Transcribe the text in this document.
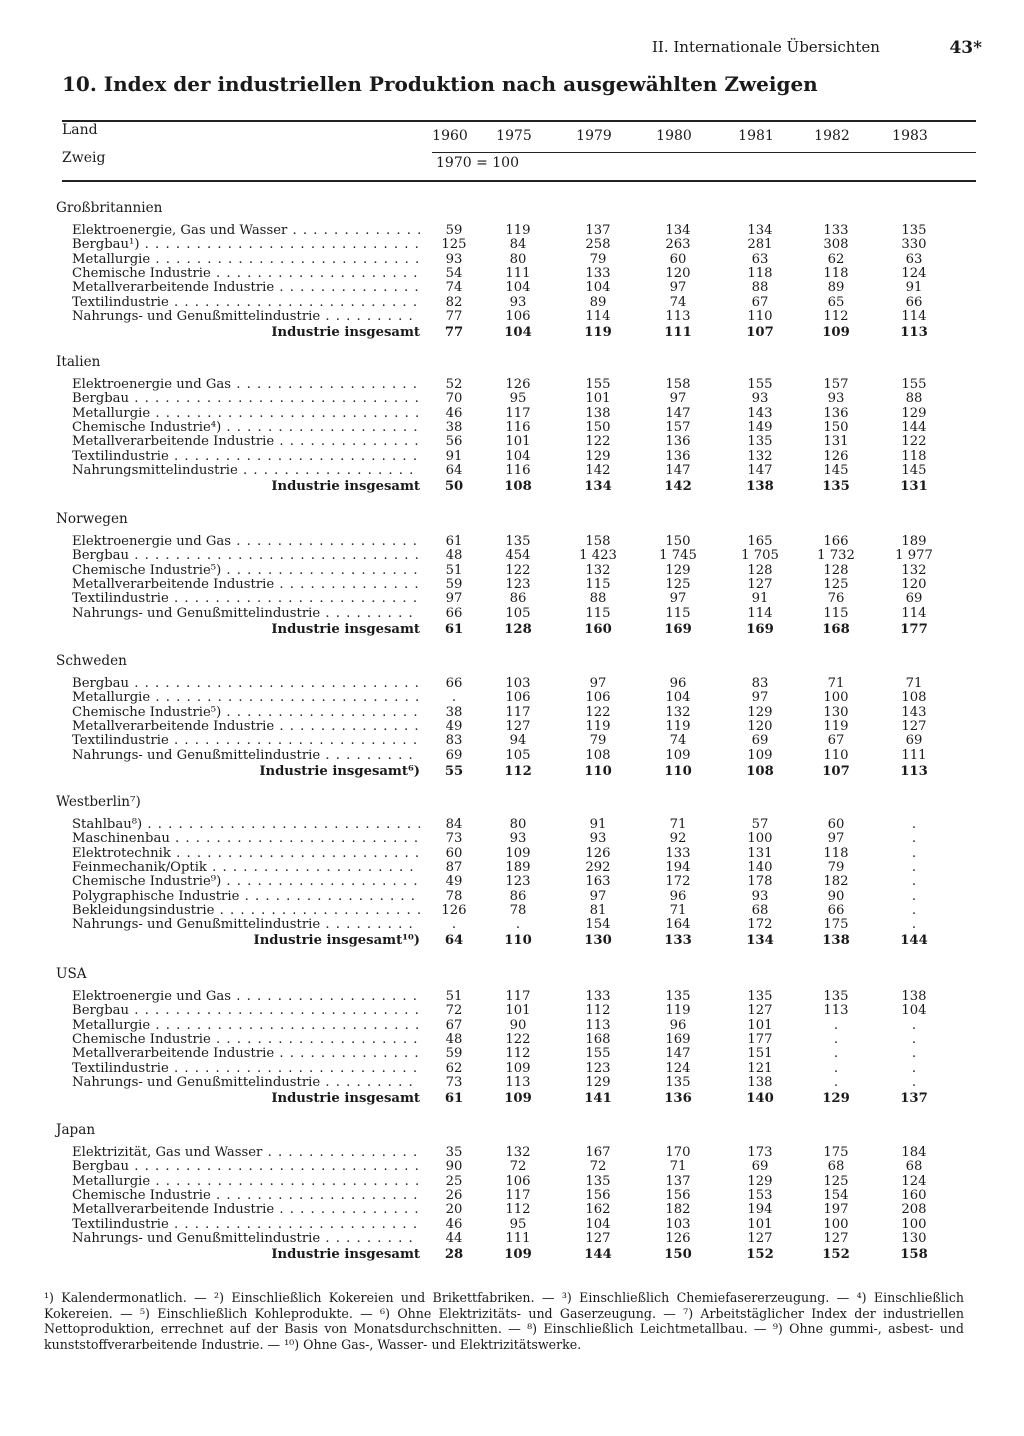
II. Internationale Übersichten	43*
10. Index der industriellen Produktion nach ausgewählten Zweigen
Land
Zweig
1960	1975	1979	1980	1981	1982	1983
1970 = 100
Großbritannien
Elektroenergie, Gas und Wasser . . .	59	119	137	134	134	133	135
Bergbau¹) . . .	125	84	258	263	281	308	330
Metallurgie . . .	93	80	79	60	63	62	63
Chemische Industrie . . .	54	111	133	120	118	118	124
Metallverarbeitende Industrie . . .	74	104	104	97	88	89	91
Textilindustrie . . .	82	93	89	74	67	65	66
Nahrungs- und Genußmittelindustrie . . .	77	106	114	113	110	112	114
Industrie insgesamt	77	104	119	111	107	109	113
Italien
Elektroenergie und Gas . . .	52	126	155	158	155	157	155
Bergbau . . .	70	95	101	97	93	93	88
Metallurgie . . .	46	117	138	147	143	136	129
Chemische Industrie⁴) . . .	38	116	150	157	149	150	144
Metallverarbeitende Industrie . . .	56	101	122	136	135	131	122
Textilindustrie . . .	91	104	129	136	132	126	118
Nahrungsmittelindustrie . . .	64	116	142	147	147	145	145
Industrie insgesamt	50	108	134	142	138	135	131
Norwegen
Elektroenergie und Gas . . .	61	135	158	150	165	166	189
Bergbau . . .	48	454	1 423	1 745	1 705	1 732	1 977
Chemische Industrie⁵) . . .	51	122	132	129	128	128	132
Metallverarbeitende Industrie . . .	59	123	115	125	127	125	120
Textilindustrie . . .	97	86	88	97	91	76	69
Nahrungs- und Genußmittelindustrie . . .	66	105	115	115	114	115	114
Industrie insgesamt	61	128	160	169	169	168	177
Schweden
Bergbau . . .	66	103	97	96	83	71	71
Metallurgie . . .	.	106	106	104	97	100	108
Chemische Industrie⁵) . . .	38	117	122	132	129	130	143
Metallverarbeitende Industrie . . .	49	127	119	119	120	119	127
Textilindustrie . . .	83	94	79	74	69	67	69
Nahrungs- und Genußmittelindustrie . . .	69	105	108	109	109	110	111
Industrie insgesamt⁶)	55	112	110	110	108	107	113
Westberlin⁷)
Stahlbau⁸) . . .	84	80	91	71	57	60	.
Maschinenbau . . .	73	93	93	92	100	97	.
Elektrotechnik . . .	60	109	126	133	131	118	.
Feinmechanik/Optik . . .	87	189	292	194	140	79	.
Chemische Industrie⁹) . . .	49	123	163	172	178	182	.
Polygraphische Industrie . . .	78	86	97	96	93	90	.
Bekleidungsindustrie . . .	126	78	81	71	68	66	.
Nahrungs- und Genußmittelindustrie . . .	.	.	154	164	172	175	.
Industrie insgesamt¹⁰)	64	110	130	133	134	138	144
USA
Elektroenergie und Gas . . .	51	117	133	135	135	135	138
Bergbau . . .	72	101	112	119	127	113	104
Metallurgie . . .	67	90	113	96	101	.	.
Chemische Industrie . . .	48	122	168	169	177	.	.
Metallverarbeitende Industrie . . .	59	112	155	147	151	.	.
Textilindustrie . . .	62	109	123	124	121	.	.
Nahrungs- und Genußmittelindustrie . . .	73	113	129	135	138	.	.
Industrie insgesamt	61	109	141	136	140	129	137
Japan
Elektrizität, Gas und Wasser . . .	35	132	167	170	173	175	184
Bergbau . . .	90	72	72	71	69	68	68
Metallurgie . . .	25	106	135	137	129	125	124
Chemische Industrie . . .	26	117	156	156	153	154	160
Metallverarbeitende Industrie . . .	20	112	162	182	194	197	208
Textilindustrie . . .	46	95	104	103	101	100	100
Nahrungs- und Genußmittelindustrie . . .	44	111	127	126	127	127	130
Industrie insgesamt	28	109	144	150	152	152	158
¹) Kalendermonatlich. — ²) Einschließlich Kokereien und Brikettfabriken. — ³) Einschließlich Chemiefasererzeugung. — ⁴) Einschließlich Kokereien. — ⁵) Einschließlich Kohleprodukte. — ⁶) Ohne Elektrizitäts- und Gaserzeugung. — ⁷) Arbeitstäglicher Index der industriellen Nettoproduktion, errechnet auf der Basis von Monatsdurchschnitten. — ⁸) Einschließlich Leichtmetallbau. — ⁹) Ohne gummi-, asbest- und kunststoffverarbeitende Industrie. — ¹⁰) Ohne Gas-, Wasser- und Elektrizitätswerke.
